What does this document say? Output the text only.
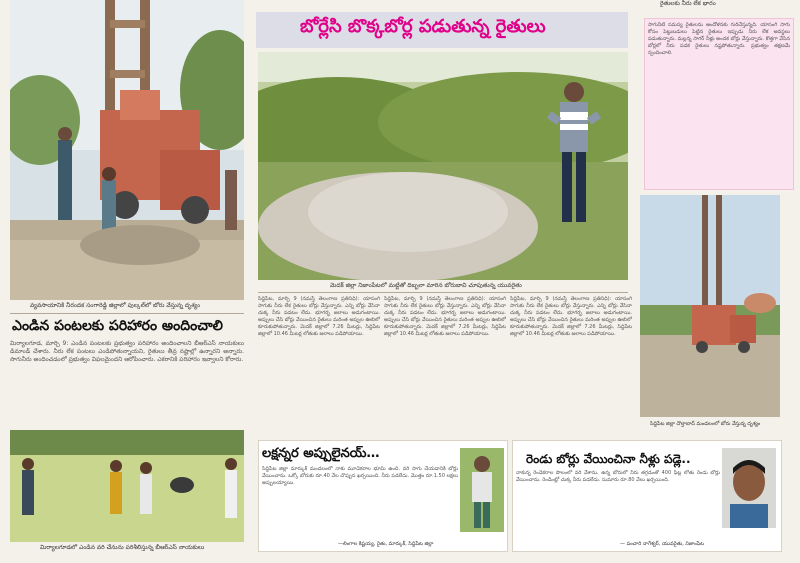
వ్యవసాయానికి నీరందక సంగారెడ్డి జిల్లాలో పుల్కల్‌లో బోరు వేస్తున్న దృశ్యం
ఎండిన పంటలకు పరిహారం అందించాలి
మిర్యాలగూడ, మార్చి 9: ఎండిన పంటలకు ప్రభుత్వం పరిహారం అందించాలని బీఆర్‌ఎస్ నాయకులు డిమాండ్ చేశారు. నీరు లేక పంటలు ఎండిపోతున్నాయని, రైతులు తీవ్ర నష్టాల్లో ఉన్నారని అన్నారు. సాగునీరు అందించడంలో ప్రభుత్వం విఫలమైందని ఆరోపించారు. ఎకరానికి పరిహారం ఇవ్వాలని కోరారు.
మిర్యాలగూడలో ఎండిన వరి చేనును పరిశీలిస్తున్న బీఆర్‌ఎస్ నాయకులు
బోర్లేసి బొక్కబోర్ల పడుతున్న రైతులు
మెదక్ జిల్లా నిజాంపేటలో మట్టితో దిబ్బలా మారిన బోరుబావి చూపుతున్న యువరైతు
సిద్దిపేట, మార్చి 9 (నమస్తే తెలంగాణ ప్రతినిధి): యాసంగి సాగుకు నీరు లేక రైతులు బోర్లు వేస్తున్నారు. ఎన్ని బోర్లు వేసినా చుక్క నీరు పడటం లేదు. భూగర్భ జలాలు అడుగంటాయి. అప్పులు చేసి బోర్లు వేయించిన రైతులు మరింత అప్పుల ఊబిలో కూరుకుపోతున్నారు. మెదక్ జిల్లాలో 7.26 మీటర్లు, సిద్దిపేట జిల్లాలో 10.46 మీటర్ల లోతుకు జలాలు పడిపోయాయి.
సిద్దిపేట, మార్చి 9 (నమస్తే తెలంగాణ ప్రతినిధి): యాసంగి సాగుకు నీరు లేక రైతులు బోర్లు వేస్తున్నారు. ఎన్ని బోర్లు వేసినా చుక్క నీరు పడటం లేదు. భూగర్భ జలాలు అడుగంటాయి. అప్పులు చేసి బోర్లు వేయించిన రైతులు మరింత అప్పుల ఊబిలో కూరుకుపోతున్నారు. మెదక్ జిల్లాలో 7.26 మీటర్లు, సిద్దిపేట జిల్లాలో 10.46 మీటర్ల లోతుకు జలాలు పడిపోయాయి.
లక్షన్నర అప్పులైనయ్…
సిద్దిపేట జిల్లా మార్కుక్ మండలంలో నాకు మూడెకరాల భూమి ఉంది. వరి సాగు చేయడానికి బోర్లు వేయించాను. ఒక్కో బోరుకు రూ.40 వేల చొప్పున ఖర్చయింది. నీరు పడలేదు. మొత్తం రూ.1.50 లక్షలు అప్పులయ్యాయి.
—లింగాల కిష్టయ్య, రైతు, మార్కుక్, సిద్దిపేట జిల్లా
సిద్దిపేట, మార్చి 9 (నమస్తే తెలంగాణ ప్రతినిధి): యాసంగి సాగుకు నీరు లేక రైతులు బోర్లు వేస్తున్నారు. ఎన్ని బోర్లు వేసినా చుక్క నీరు పడటం లేదు. భూగర్భ జలాలు అడుగంటాయి. అప్పులు చేసి బోర్లు వేయించిన రైతులు మరింత అప్పుల ఊబిలో కూరుకుపోతున్నారు. మెదక్ జిల్లాలో 7.26 మీటర్లు, సిద్దిపేట జిల్లాలో 10.46 మీటర్ల లోతుకు జలాలు పడిపోయాయి.
రైతులకు నీరు లేక భారం
సాగునీటి సమస్య రైతులను ఆందోళనకు గురిచేస్తున్నది. యాసంగి సాగు కోసం పెట్టుబడులు పెట్టిన రైతులు ఇప్పుడు నీరు లేక అవస్థలు పడుతున్నారు. మల్లన్న సాగర్ నీళ్లు అందక బోర్లు వేస్తున్నారు. కొత్తగా వేసిన బోర్లలో నీరు పడక రైతులు నష్టపోతున్నారు. ప్రభుత్వం తక్షణమే స్పందించాలి.
సిద్దిపేట జిల్లా దౌల్తాబాద్ మండలంలో బోరు వేస్తున్న దృశ్యం
రెండు బోర్లు వేయించినా నీళ్లు పడ్లె..
నాకున్న రెండెకరాల పొలంలో వరి వేశాను. ఉన్న బోరులో నీరు తగ్గడంతో 400 ఫీట్ల లోతు రెండు బోర్లు వేయించాను. రెండింట్లో చుక్క నీరు పడలేదు. సుమారు రూ.80 వేలు ఖర్చయింది.
— పంచారి నాగేశ్వర్, యువరైతు, నిజాంపేట
